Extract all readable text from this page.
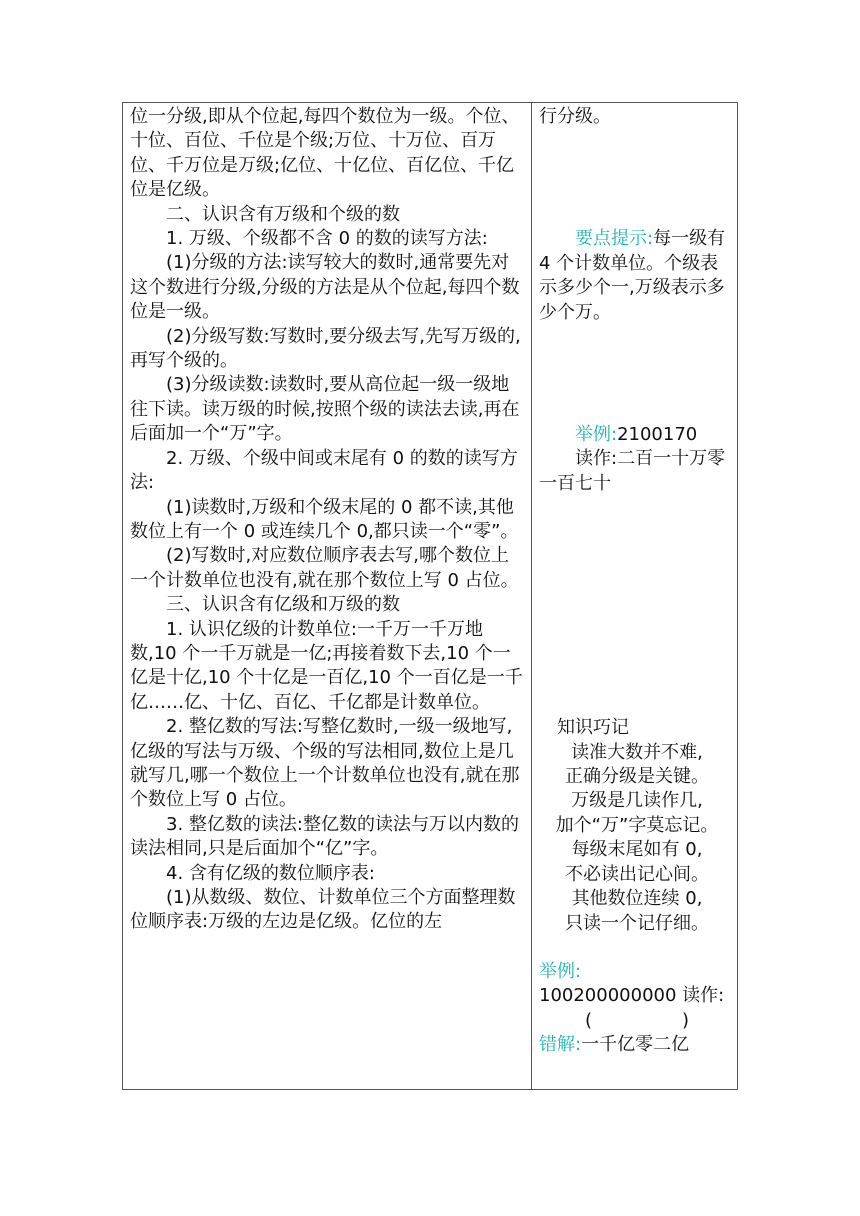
位一分级,即从个位起,每四个数位为一级。个位、十位、百位、千位是个级;万位、十万位、百万位、千万位是万级;亿位、十亿位、百亿位、千亿位是亿级。

二、认识含有万级和个级的数

1. 万级、个级都不含 0 的数的读写方法:

(1)分级的方法:读写较大的数时,通常要先对这个数进行分级,分级的方法是从个位起,每四个数位是一级。

(2)分级写数:写数时,要分级去写,先写万级的,再写个级的。

(3)分级读数:读数时,要从高位起一级一级地往下读。读万级的时候,按照个级的读法去读,再在后面加一个“万”字。

2. 万级、个级中间或末尾有 0 的数的读写方法:

(1)读数时,万级和个级末尾的 0 都不读,其他数位上有一个 0 或连续几个 0,都只读一个“零”。

(2)写数时,对应数位顺序表去写,哪个数位上一个计数单位也没有,就在那个数位上写 0 占位。

三、认识含有亿级和万级的数

1. 认识亿级的计数单位:一千万一千万地数,10 个一千万就是一亿;再接着数下去,10 个一亿是十亿,10 个十亿是一百亿,10 个一百亿是一千亿……亿、十亿、百亿、千亿都是计数单位。

2. 整亿数的写法:写整亿数时,一级一级地写,亿级的写法与万级、个级的写法相同,数位上是几就写几,哪一个数位上一个计数单位也没有,就在那个数位上写 0 占位。

3. 整亿数的读法:整亿数的读法与万以内数的读法相同,只是后面加个“亿”字。

4. 含有亿级的数位顺序表:

(1)从数级、数位、计数单位三个方面整理数位顺序表:万级的左边是亿级。亿位的左

行分级。

要点提示:每一级有 4 个计数单位。个级表示多少个一,万级表示多少个万。

举例:2100170

读作:二百一十万零一百七十

知识巧记

读准大数并不难,

正确分级是关键。

万级是几读作几,

加个“万”字莫忘记。

每级末尾如有 0,

不必读出记心间。

其他数位连续 0,

只读一个记仔细。

举例:

100200000000 读作:

(　　　　　)

错解:一千亿零二亿
